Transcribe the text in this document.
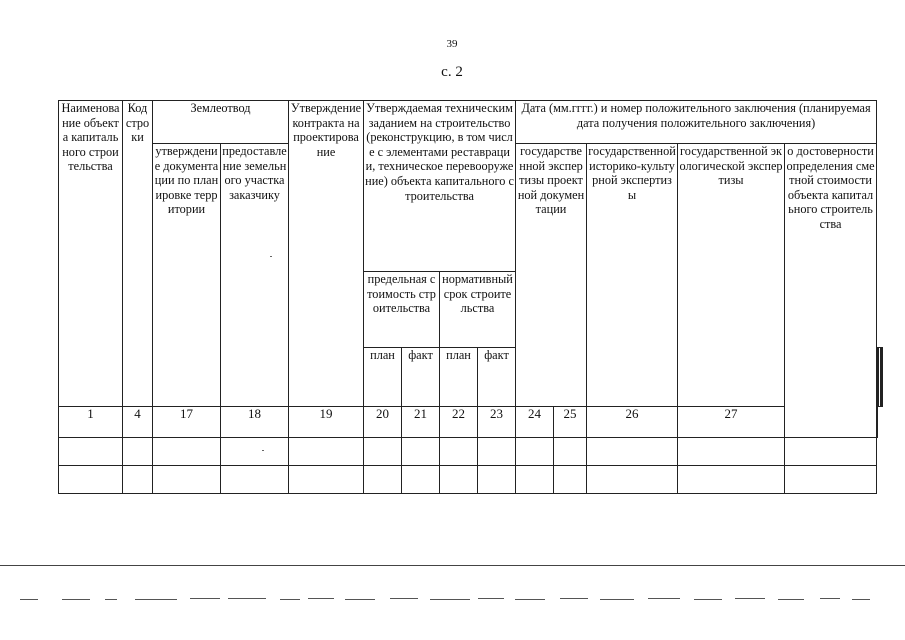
39
с. 2
Наименование объекта капитального строительства	Код строки	Землеотвод		Утверждение контракта на проектирование	Утверждаемая техническим заданием на строительство (реконструкцию, в том числе с элементами реставрации, техническое перевооружение) объекта капитального строительства				Дата (мм.гггг.) и номер положительного заключения (планируемая дата получения положительного заключения)							
		утверждение документации по планировке территории	предоставление земельного участка заказчику						государственной экспертизы проектной документации		государственной историко-культурной экспертизы	государственной экологической экспертизы	о достоверности определения сметной стоимости объекта капитального строительства			
					предельная стоимость строительства		нормативный срок строительства									
					план	факт	план	факт					
1	4	17	18	19	20	21	22	23	24	25	26	27	
